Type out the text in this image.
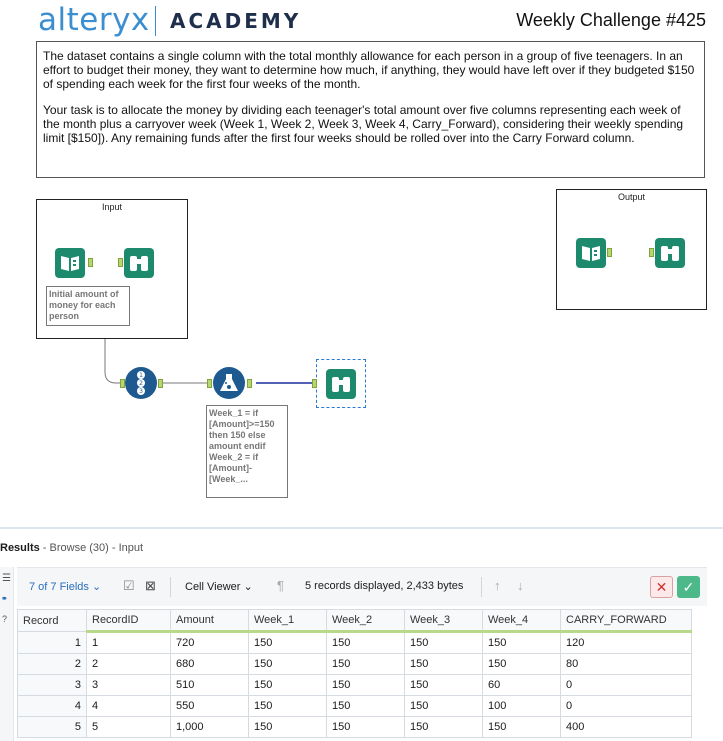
alteryx ACADEMY	Weekly Challenge #425

The dataset contains a single column with the total monthly allowance for each person in a group of five teenagers. In an effort to budget their money, they want to determine how much, if anything, they would have left over if they budgeted $150 of spending each week for the first four weeks of the month.

Your task is to allocate the money by dividing each teenager's total amount over five columns representing each week of the month plus a carryover week (Week 1, Week 2, Week 3, Week 4, Carry_Forward), considering their weekly spending limit [$150]). Any remaining funds after the first four weeks should be rolled over into the Carry Forward column.

Input
Initial amount of money for each person
1
2
3
Week_1 = if [Amount]>=150 then 150 else amount endif Week_2 = if [Amount]-[Week_...
Output
Results - Browse (30) - Input
☰
⚭
?
7 of 7 Fields ⌄ ☑ ⊠	Cell Viewer ⌄ ¶ 5 records displayed, 2,433 bytes ↑ ↓	✕	✓
Record	RecordID	Amount	Week_1	Week_2	Week_3	Week_4	CARRY_FORWARD
1	1	720	150	150	150	150	120
2	2	680	150	150	150	150	80
3	3	510	150	150	150	60	0
4	4	550	150	150	150	100	0
5	5	1,000	150	150	150	150	400
